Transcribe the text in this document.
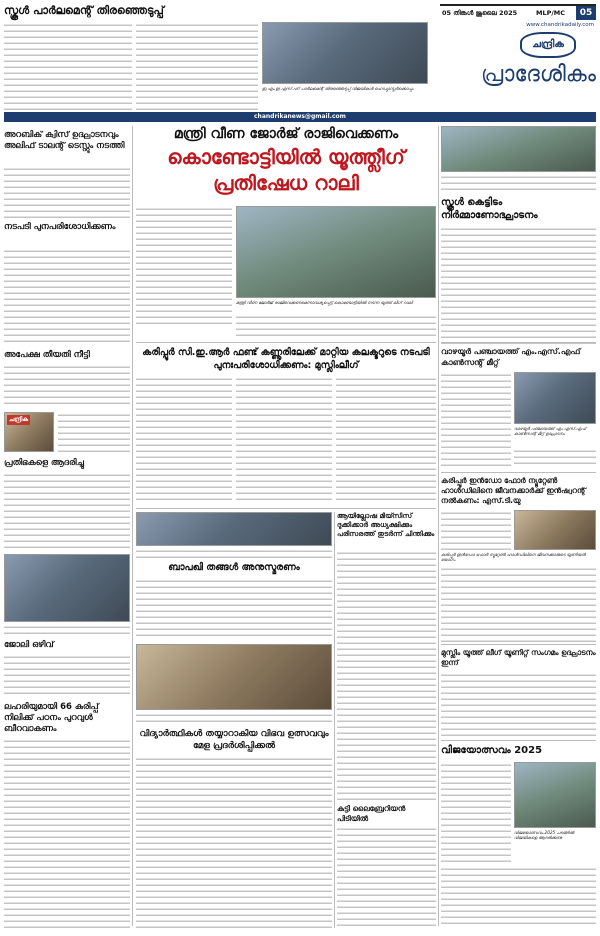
സ്കൂൾ പാർലമെന്റ് തിരഞ്ഞെടുപ്പ്
ഇ.എം.ഇ.എസ്.ഹ്ന് പാർലമെന്റ് തിരഞ്ഞെടുപ്പ് വിജയികൾ ഹെഡ്മാസ്റ്റർക്കൊപ്പം
05 തിങ്കൾ ജൂലൈ 2025	MLP/MC	05
www.chandrikadaily.com
ചന്ദ്രിക
പ്രാദേശികം
chandrikanews@gmail.com
അറബിക് ക്വിസ് ഉദ്ഘാടനവും അലിഫ് ടാലന്റ് ടെസ്റ്റും നടത്തി
നടപടി പുനപരിശോധിക്കണം
അപേക്ഷ തീയതി നീട്ടി
ചന്ദ്രിക
പ്രതിഭകളെ ആദരിച്ചു
ജോലി ഒഴിവ്
ലഹരിയുമായി 66 കുരിപ്പ് നിലിക്ക് പഠനം പുറവുൾ ബീറവാകണം
മന്ത്രി വീണ ജോർജ് രാജിവെക്കണം
കൊണ്ടോട്ടിയിൽ യൂത്ത്ലീഗ്
പ്രതിഷേധ റാലി
മന്ത്രി വീണ ജോർജ് രാജിവെക്കണമെന്നാവശ്യപ്പെട്ട് കൊണ്ടോട്ടിയിൽ നടന്ന യൂത്ത് ലീഗ് റാലി
കരിപ്പൂർ സി.ഇ.ആർ ഫണ്ട് കണ്ണൂരിലേക്ക് മാറ്റിയ കലക്ടറുടെ നടപടി പുനഃപരിശോധിക്കണം: മുസ്ലിംലീഗ്
ബാപഖി തങ്ങൾ അനുസ്മരണം
വിദ്യാർത്ഥികൾ തയ്യാറാകിയ വിഭവ ഉത്സവവും മേള പ്രദർശിപ്പിക്കൽ
ആയില്ലോഷ മിയ്സിസ് ദുക്കിക്കാർ അധ്യക്ഷിക്കും പരിസരത്ത് തുടർന്ന് ചിന്തിക്കും
കുട്ടി ലൈബ്രേറിയൻ പിടിയിൽ
സ്കൂൾ കെട്ടിടം നിർമ്മാണോദ്ഘാടനം
വാഴയൂർ പഞ്ചായത്ത് എം.എസ്.എഫ് കാൺസന്റ് മീറ്റ്
വാഴയൂർ പഞ്ചായത്ത് എം.എസ്.എഫ് കാൺസന്റ് മീറ്റ് ഉദ്ഘാടനം
കരിപ്പൂർ ഇൻഡോ ഫോർ ന്യൂറ്റേൺ ഹാൾഡിലിനെ ജീവനക്കാർക്ക് ഇൻഷ്വറന്റ് നൽകണം: എസ്.ടി.യു
കരിപ്പൂർ ഇൻഡോ ഫോർ ന്യൂറ്റേൺ ഹാൾഡിലിനെ ജീവനക്കാരുടെ യൂണിയൻ യോഗം
മുസ്ലിം യൂത്ത് ലീഗ് യൂണിറ്റ് സംഗമം ഉദ്ഘാടനം ഇന്ന്
വിജയോത്സവം 2025
വിജയോത്സവം 2025 ചടങ്ങിൽ വിജയികളെ ആദരിക്കുന്നു
